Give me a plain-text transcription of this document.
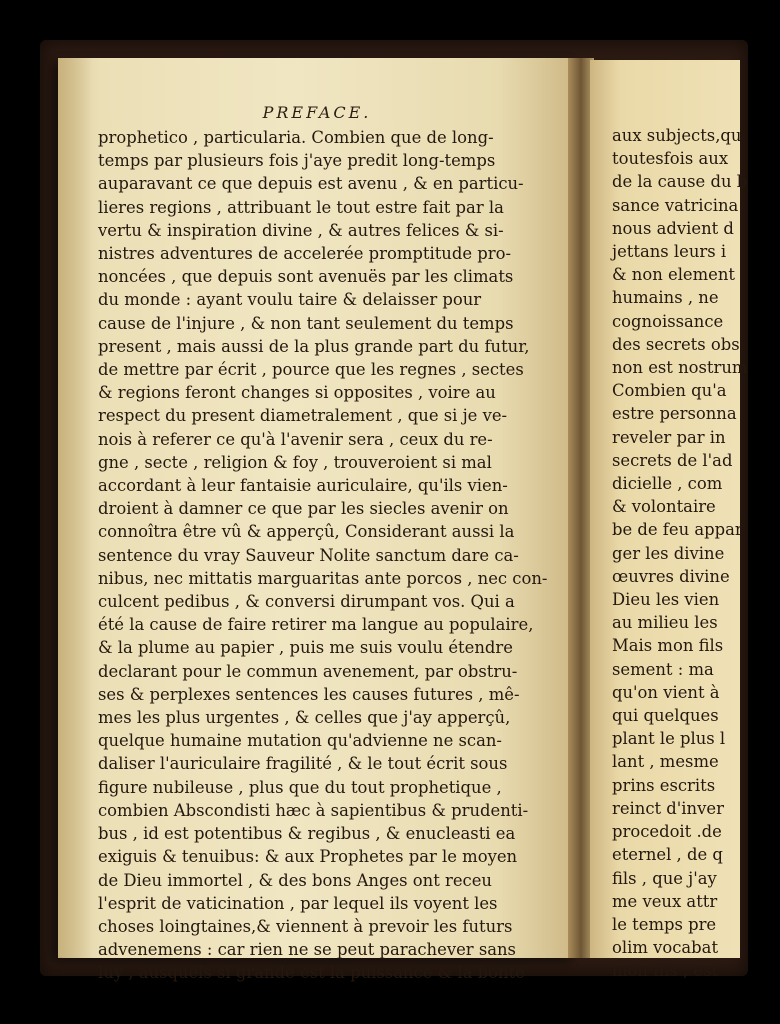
PREFACE.
prophetico , particularia. Combien que de long-
temps par plusieurs fois j'aye predit long-temps
auparavant ce que depuis est avenu , & en particu-
lieres regions , attribuant le tout estre fait par la
vertu & inspiration divine , & autres felices & si-
nistres adventures de accelerée promptitude pro-
noncées , que depuis sont avenuës par les climats
du monde : ayant voulu taire & delaisser pour
cause de l'injure , & non tant seulement du temps
present , mais aussi de la plus grande part du futur,
de mettre par écrit , pource que les regnes , sectes
& regions feront changes si opposites , voire au
respect du present diametralement , que si je ve-
nois à referer ce qu'à l'avenir sera , ceux du re-
gne , secte , religion & foy , trouveroient si mal
accordant à leur fantaisie auriculaire, qu'ils vien-
droient à damner ce que par les siecles avenir on
connoîtra être vû & apperçû, Considerant aussi la
sentence du vray Sauveur Nolite sanctum dare ca-
nibus, nec mittatis marguaritas ante porcos , nec con-
culcent pedibus , & conversi dirumpant vos. Qui a
été la cause de faire retirer ma langue au populaire,
& la plume au papier , puis me suis voulu étendre
declarant pour le commun avenement, par obstru-
ses & perplexes sentences les causes futures , mê-
mes les plus urgentes , & celles que j'ay apperçû,
quelque humaine mutation qu'advienne ne scan-
daliser l'auriculaire fragilité , & le tout écrit sous
figure nubileuse , plus que du tout prophetique ,
combien Abscondisti hæc à sapientibus & prudenti-
bus , id est potentibus & regibus , & enucleasti ea
exiguis & tenuibus: & aux Prophetes par le moyen
de Dieu immortel , & des bons Anges ont receu
l'esprit de vaticination , par lequel ils voyent les
choses loingtaines,& viennent à prevoir les futurs
advenemens : car rien ne se peut parachever sans
luy , ausquels si grande est la puissance & la bonté
aux subjects,qu
toutesfois aux
de la cause du b
sance vatricina
nous advient d
jettans leurs i
& non element
humains , ne
cognoissance
des secrets obs
non est nostrum
Combien qu'a
estre personna
reveler par in
secrets de l'ad
dicielle , com
& volontaire
be de feu appar
ger les divine
œuvres divine
Dieu les vien
au milieu les
Mais mon fils
sement : ma
qu'on vient à
qui quelques
plant le plus l
lant , mesme
prins escrits
reinct d'inver
procedoit .de
eternel , de q
fils , que j'ay
me veux attr
le temps pre
olim vocabat
mon fils , est
